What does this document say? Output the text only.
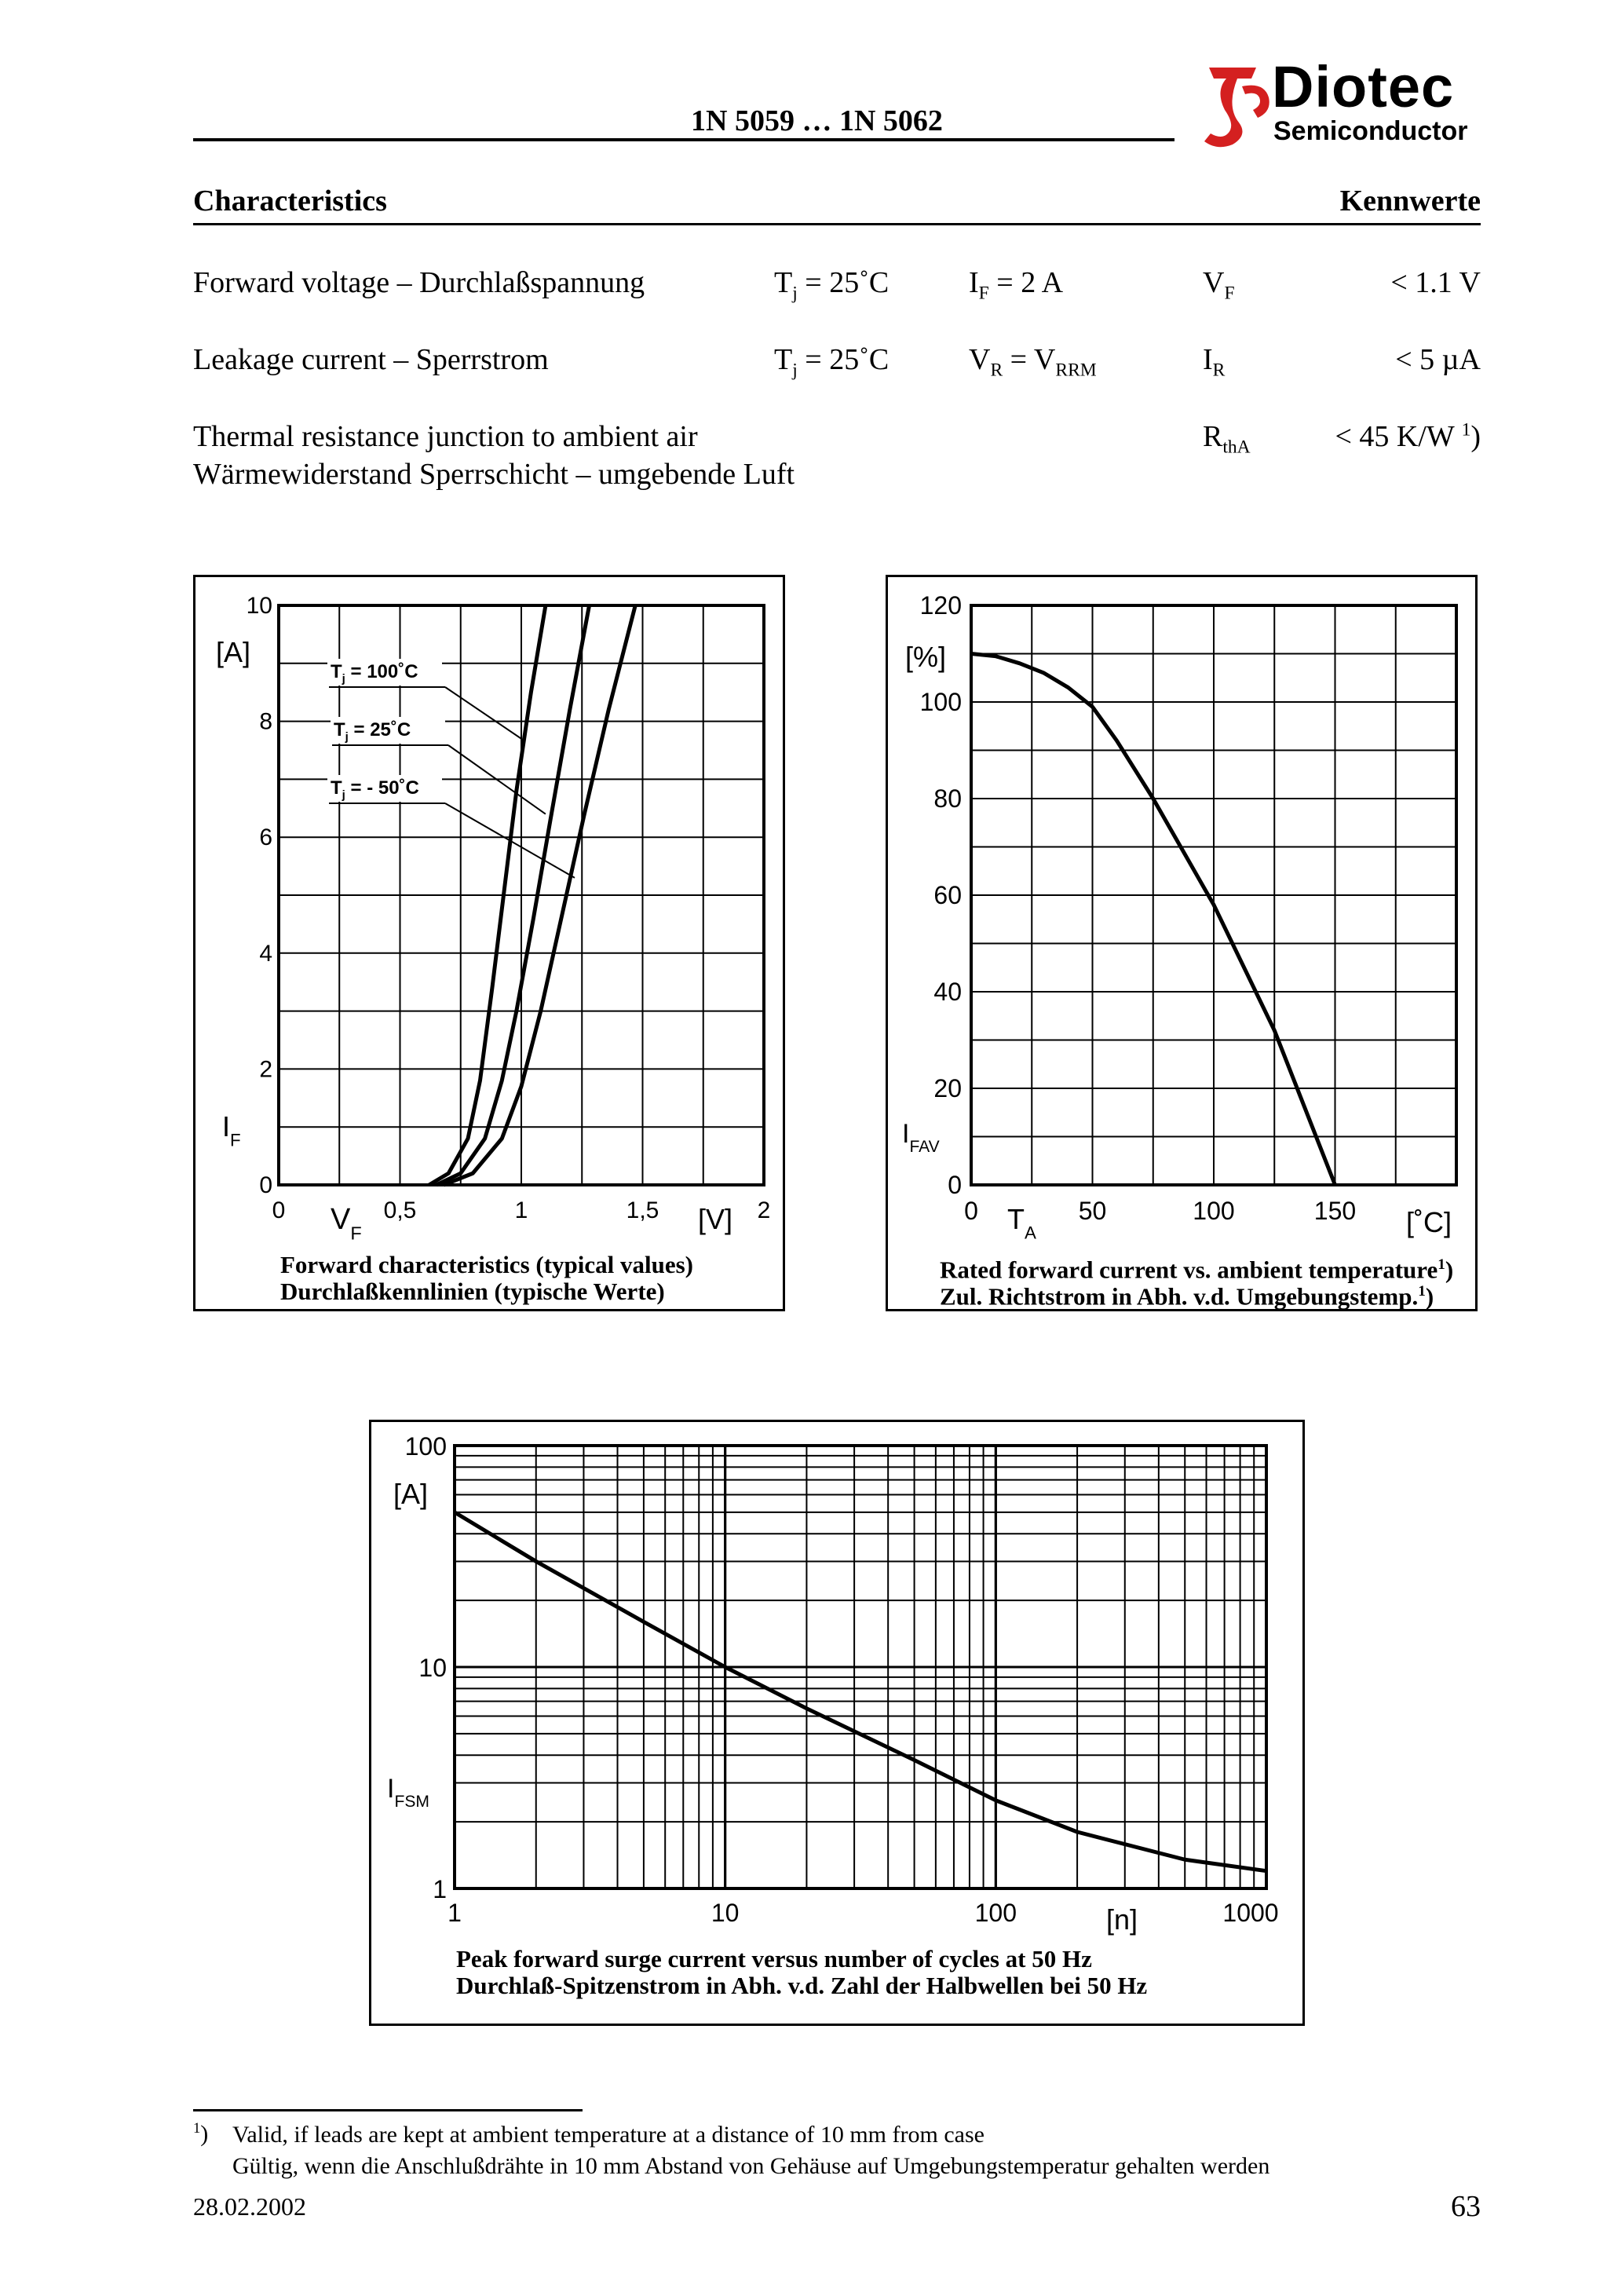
1N 5059 … 1N 5062
Diotec
Semiconductor
Characteristics	Kennwerte
Forward voltage – Durchlaßspannung	$T_j$ = 25˚C	$I_F = 2$ A	$V_F$	< 1.1 V
Leakage current – Sperrstrom	$T_j$ = 25˚C	$V_R = V_{RRM}$	$I_R$	< 5 µA
Thermal resistance junction to ambient air
Wärmewiderstand Sperrschicht – umgebende Luft
$R_{thA}$	< 45 K/W $^1$)
0	0,5	1	1,5	2
0
2
4
6
8
10
[A]
$I_F$
$V_F$	[V]
$T_j$ = 100˚C
$T_j$ = 25˚C
$T_j$ = - 50˚C
Forward characteristics (typical values)
Durchlaßkennlinien (typische Werte)
0	50	100	150
0
20
40
60
80
100
120
[%]
$I_{FAV}$
$T_A$	[˚C]
Rated forward current vs. ambient temperature$^1$)
Zul. Richtstrom in Abh. v.d. Umgebungstemp.$^1$)
1	10	100	1000
1
10
100
[A]
$I_{FSM}$
[n]
Peak forward surge current versus number of cycles at 50 Hz
Durchlaß-Spitzenstrom in Abh. v.d. Zahl der Halbwellen bei 50 Hz
$^1$) Valid, if leads are kept at ambient temperature at a distance of 10 mm from case
Gültig, wenn die Anschlußdrähte in 10 mm Abstand von Gehäuse auf Umgebungstemperatur gehalten werden
28.02.2002	63
